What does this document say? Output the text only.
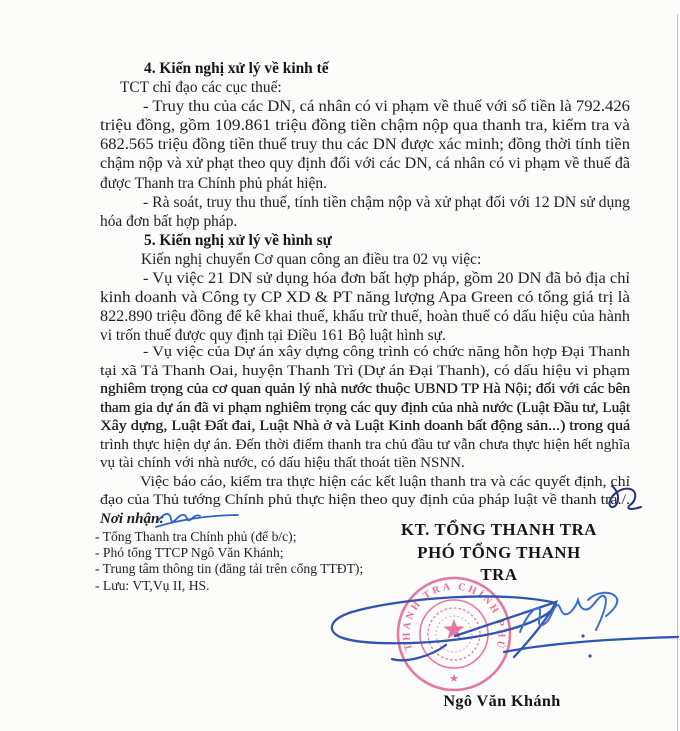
4. Kiến nghị xử lý về kinh tế
TCT chỉ đạo các cục thuế:
- Truy thu của các DN, cá nhân có vi phạm về thuế với số tiền là 792.426
triệu đồng, gồm 109.861 triệu đồng tiền chậm nộp qua thanh tra, kiểm tra và
682.565 triệu đồng tiền thuế truy thu các DN được xác minh; đồng thời tính tiền
chậm nộp và xử phạt theo quy định đối với các DN, cá nhân có vi phạm về thuế đã
được Thanh tra Chính phủ phát hiện.
- Rà soát, truy thu thuế, tính tiền chậm nộp và xử phạt đối với 12 DN sử dụng
hóa đơn bất hợp pháp.
5. Kiến nghị xử lý về hình sự
Kiến nghị chuyển Cơ quan công an điều tra 02 vụ việc:
- Vụ việc 21 DN sử dụng hóa đơn bất hợp pháp, gồm 20 DN đã bỏ địa chỉ
kinh doanh và Công ty CP XD & PT năng lượng Apa Green có tổng giá trị là
822.890 triệu đồng để kê khai thuế, khấu trừ thuế, hoàn thuế có dấu hiệu của hành
vi trốn thuế được quy định tại Điều 161 Bộ luật hình sự.
- Vụ việc của Dự án xây dựng công trình có chức năng hỗn hợp Đại Thanh
tại xã Tả Thanh Oai, huyện Thanh Trì (Dự án Đại Thanh), có dấu hiệu vi phạm
nghiêm trọng của cơ quan quản lý nhà nước thuộc UBND TP Hà Nội; đối với các bên
tham gia dự án đã vi phạm nghiêm trọng các quy định của nhà nước (Luật Đầu tư, Luật
Xây dựng, Luật Đất đai, Luật Nhà ở và Luật Kinh doanh bất động sản...) trong quá
trình thực hiện dự án. Đến thời điểm thanh tra chủ đầu tư vẫn chưa thực hiện hết nghĩa
vụ tài chính với nhà nước, có dấu hiệu thất thoát tiền NSNN.
Việc báo cáo, kiểm tra thực hiện các kết luận thanh tra và các quyết định, chỉ
đạo của Thủ tướng Chính phủ thực hiện theo quy định của pháp luật về thanh tra./.
Nơi nhận:
- Tổng Thanh tra Chính phủ (để b/c);
- Phó tổng TTCP Ngô Văn Khánh;
- Trung tâm thông tin (đăng tải trên cổng TTĐT);
- Lưu: VT,Vụ II, HS.
KT. TỔNG THANH TRA
PHÓ TỔNG THANH TRA
THANH TRA CHÍNH PHỦ
★
Ngô Văn Khánh
